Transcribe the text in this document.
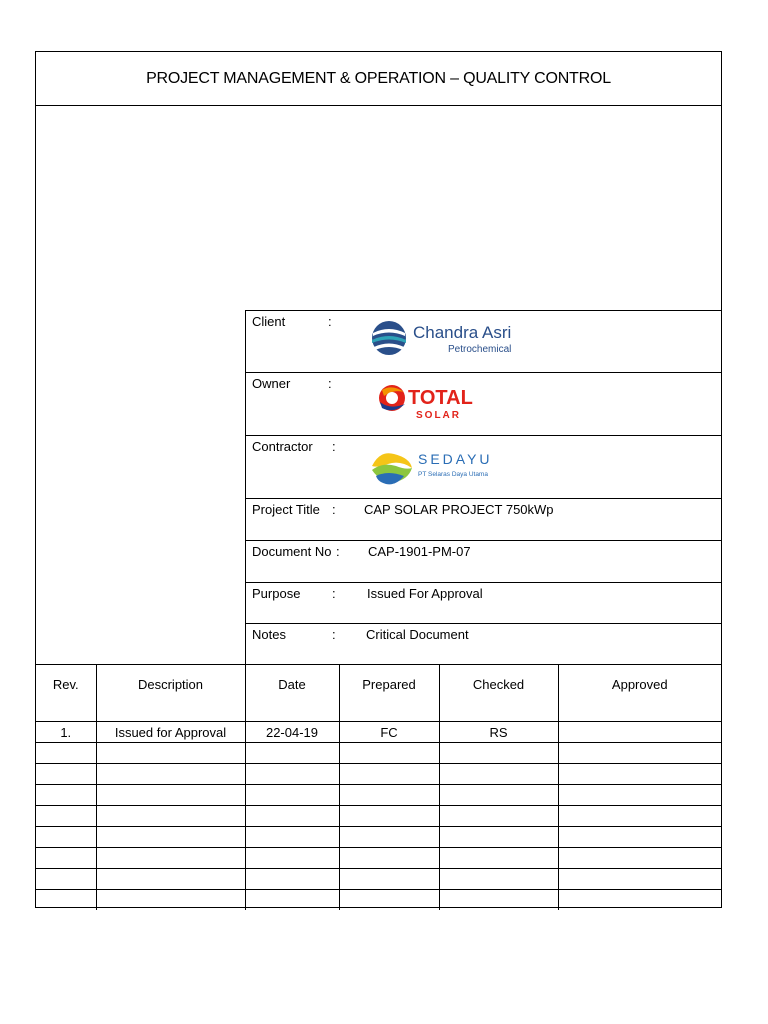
PROJECT MANAGEMENT & OPERATION – QUALITY CONTROL
Client	:
Chandra Asri
Petrochemical
Owner	:
TOTAL
SOLAR
Contractor :
SEDAYU
PT Selaras Daya Utama
Project Title : CAP SOLAR PROJECT 750kWp
Document No : CAP-1901-PM-07
Purpose : Issued For Approval
Notes	: Critical Document
Rev.	Description	Date	Prepared	Checked	Approved
1.	Issued for Approval	22-04-19	FC	RS	
